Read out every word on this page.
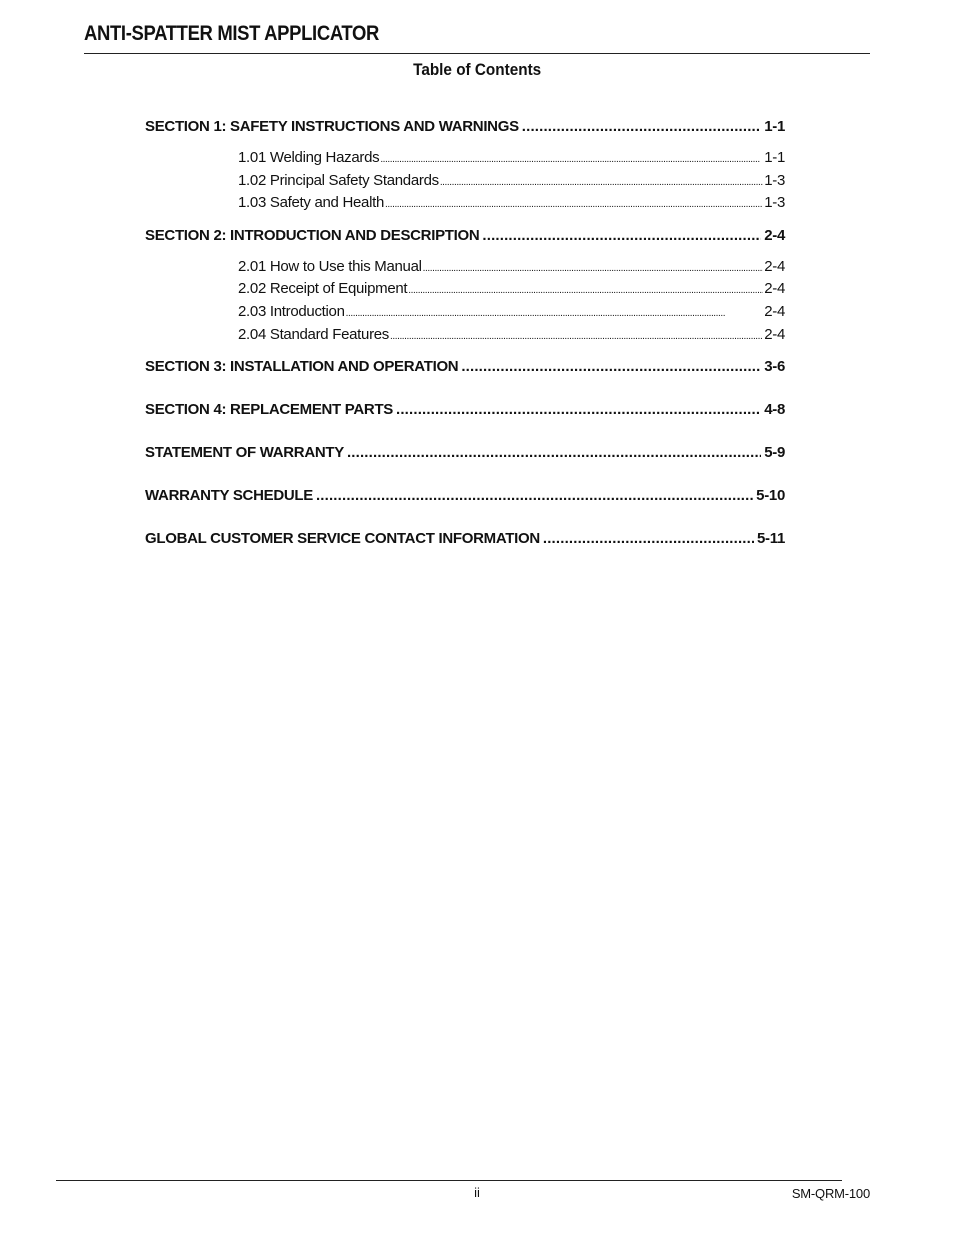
ANTI-SPATTER MIST APPLICATOR
Table of Contents
SECTION 1: SAFETY INSTRUCTIONS AND WARNINGS . . .	1-1
1.01 Welding Hazards . . .	1-1
1.02 Principal Safety Standards . . .	1-3
1.03 Safety and Health . . .	1-3
SECTION 2: INTRODUCTION AND DESCRIPTION . . .	2-4
2.01 How to Use this Manual . . .	2-4
2.02 Receipt of Equipment . . .	2-4
2.03 Introduction . . .	2-4
2.04 Standard Features . . .	2-4
SECTION 3: INSTALLATION AND OPERATION . . .	3-6
SECTION 4: REPLACEMENT PARTS . . .	4-8
STATEMENT OF WARRANTY . . .	5-9
WARRANTY SCHEDULE . . .	5-10
GLOBAL CUSTOMER SERVICE CONTACT INFORMATION . . .	5-11
ii	SM-QRM-100
